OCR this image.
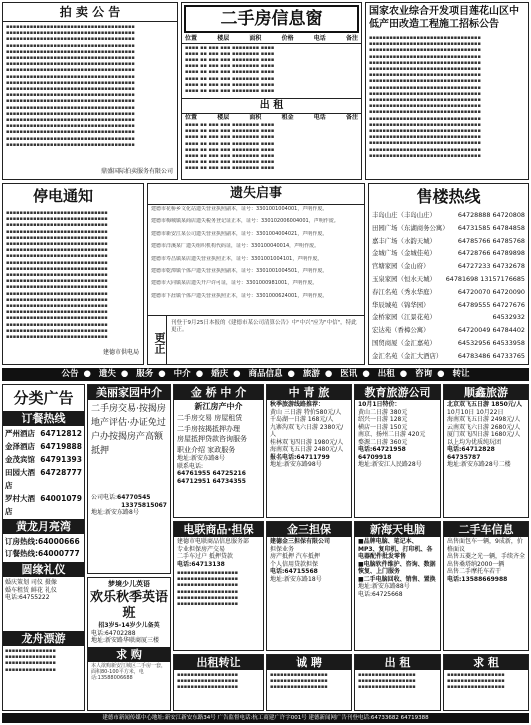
拍 卖 公 告
▪▪▪▪▪▪▪▪▪▪▪▪▪▪▪▪▪▪▪▪▪▪▪▪▪▪▪▪▪▪▪▪▪▪▪▪▪▪
▪▪▪▪▪▪▪▪▪▪▪▪▪▪▪▪▪▪▪▪▪▪▪▪▪▪▪▪▪▪▪▪▪▪▪▪▪▪
▪▪▪▪▪▪▪▪▪▪▪▪▪▪▪▪▪▪▪▪▪▪▪▪▪▪▪▪▪▪▪▪▪▪▪▪▪▪
▪▪▪▪▪▪▪▪▪▪▪▪▪▪▪▪▪▪▪▪▪▪▪▪▪▪▪▪▪▪▪▪▪▪▪▪▪▪
▪▪▪▪▪▪▪▪▪▪▪▪▪▪▪▪▪▪▪▪▪▪▪▪▪▪▪▪▪▪▪▪▪▪▪▪▪▪
▪▪▪▪▪▪▪▪▪▪▪▪▪▪▪▪▪▪▪▪▪▪▪▪▪▪▪▪▪▪▪▪▪▪▪▪▪▪
▪▪▪▪▪▪▪▪▪▪▪▪▪▪▪▪▪▪▪▪▪▪▪▪▪▪▪▪▪▪▪▪▪▪▪▪▪▪
▪▪▪▪▪▪▪▪▪▪▪▪▪▪▪▪▪▪▪▪▪▪▪▪▪▪▪▪▪▪▪▪▪▪▪▪▪▪
▪▪▪▪▪▪▪▪▪▪▪▪▪▪▪▪▪▪▪▪▪▪▪▪▪▪▪▪▪▪▪▪▪▪▪▪▪▪
▪▪▪▪▪▪▪▪▪▪▪▪▪▪▪▪▪▪▪▪▪▪▪▪▪▪▪▪▪▪▪▪▪▪▪▪▪▪
▪▪▪▪▪▪▪▪▪▪▪▪▪▪▪▪▪▪▪▪▪▪▪▪▪▪▪▪▪▪▪▪▪▪▪▪▪▪
▪▪▪▪▪▪▪▪▪▪▪▪▪▪▪▪▪▪▪▪▪▪▪▪▪▪▪▪▪▪▪▪▪▪▪▪▪▪
▪▪▪▪▪▪▪▪▪▪▪▪▪▪▪▪▪▪▪▪▪▪▪▪▪▪▪▪▪▪▪▪▪▪▪▪▪▪
▪▪▪▪▪▪▪▪▪▪▪▪▪▪▪▪▪▪▪▪▪▪▪▪▪▪▪▪▪▪▪▪▪▪▪▪▪▪
▪▪▪▪▪▪▪▪▪▪▪▪▪▪▪▪▪▪▪▪▪▪▪▪▪▪▪▪▪▪▪▪▪▪▪▪▪▪
▪▪▪▪▪▪▪▪▪▪▪▪▪▪▪▪▪▪▪▪▪▪▪▪▪▪▪▪▪▪▪▪▪▪▪▪▪▪
▪▪▪▪▪▪▪▪▪▪▪▪▪▪▪▪▪▪▪▪▪▪▪▪▪▪▪▪▪▪▪▪▪▪▪▪▪▪
▪▪▪▪▪▪▪▪▪▪▪▪▪▪▪▪▪▪▪▪▪▪▪▪▪▪▪▪▪▪▪▪▪▪▪▪▪▪
▪▪▪▪▪▪▪▪▪▪▪▪▪▪▪▪▪▪▪▪▪▪▪▪▪▪▪▪▪▪▪▪▪▪▪▪▪▪
▪▪▪▪▪▪▪▪▪▪▪▪▪▪▪▪▪▪▪▪▪▪▪▪▪▪▪▪▪▪▪▪▪▪▪▪▪▪
鼎盛国际拍卖服务有限公司
二手房信息窗
位置	楼层	面积	价格	电话	备注
▪▪▪▪ ▪▪ ▪▪▪ ▪▪▪ ▪▪▪▪▪▪▪▪ ▪▪▪▪
▪▪▪▪ ▪▪ ▪▪▪ ▪▪▪ ▪▪▪▪▪▪▪▪ ▪▪▪▪
▪▪▪▪ ▪▪ ▪▪▪ ▪▪▪ ▪▪▪▪▪▪▪▪ ▪▪▪▪
▪▪▪▪ ▪▪ ▪▪▪ ▪▪▪ ▪▪▪▪▪▪▪▪ ▪▪▪▪
▪▪▪▪ ▪▪ ▪▪▪ ▪▪▪ ▪▪▪▪▪▪▪▪ ▪▪▪▪
▪▪▪▪ ▪▪ ▪▪▪ ▪▪▪ ▪▪▪▪▪▪▪▪ ▪▪▪▪
▪▪▪▪ ▪▪ ▪▪▪ ▪▪▪ ▪▪▪▪▪▪▪▪ ▪▪▪▪
▪▪▪▪ ▪▪ ▪▪▪ ▪▪▪ ▪▪▪▪▪▪▪▪ ▪▪▪▪
出 租
位置	楼层	面积	租金	电话	备注
▪▪▪▪ ▪▪ ▪▪▪ ▪▪▪ ▪▪▪▪▪▪▪▪ ▪▪▪▪
▪▪▪▪ ▪▪ ▪▪▪ ▪▪▪ ▪▪▪▪▪▪▪▪ ▪▪▪▪
▪▪▪▪ ▪▪ ▪▪▪ ▪▪▪ ▪▪▪▪▪▪▪▪ ▪▪▪▪
▪▪▪▪ ▪▪ ▪▪▪ ▪▪▪ ▪▪▪▪▪▪▪▪ ▪▪▪▪
▪▪▪▪ ▪▪ ▪▪▪ ▪▪▪ ▪▪▪▪▪▪▪▪ ▪▪▪▪
▪▪▪▪ ▪▪ ▪▪▪ ▪▪▪ ▪▪▪▪▪▪▪▪ ▪▪▪▪
▪▪▪▪ ▪▪ ▪▪▪ ▪▪▪ ▪▪▪▪▪▪▪▪ ▪▪▪▪
▪▪▪▪ ▪▪ ▪▪▪ ▪▪▪ ▪▪▪▪▪▪▪▪ ▪▪▪▪
国家农业综合开发项目莲花山区中低产田改造工程施工招标公告
▪▪▪▪▪▪▪▪▪▪▪▪▪▪▪▪▪▪▪▪▪▪▪▪▪▪▪▪▪▪▪▪▪
▪▪▪▪▪▪▪▪▪▪▪▪▪▪▪▪▪▪▪▪▪▪▪▪▪▪▪▪▪▪▪▪▪
▪▪▪▪▪▪▪▪▪▪▪▪▪▪▪▪▪▪▪▪▪▪▪▪▪▪▪▪▪▪▪▪▪
▪▪▪▪▪▪▪▪▪▪▪▪▪▪▪▪▪▪▪▪▪▪▪▪▪▪▪▪▪▪▪▪▪
▪▪▪▪▪▪▪▪▪▪▪▪▪▪▪▪▪▪▪▪▪▪▪▪▪▪▪▪▪▪▪▪▪
▪▪▪▪▪▪▪▪▪▪▪▪▪▪▪▪▪▪▪▪▪▪▪▪▪▪▪▪▪▪▪▪▪
▪▪▪▪▪▪▪▪▪▪▪▪▪▪▪▪▪▪▪▪▪▪▪▪▪▪▪▪▪▪▪▪▪
▪▪▪▪▪▪▪▪▪▪▪▪▪▪▪▪▪▪▪▪▪▪▪▪▪▪▪▪▪▪▪▪▪
▪▪▪▪▪▪▪▪▪▪▪▪▪▪▪▪▪▪▪▪▪▪▪▪▪▪▪▪▪▪▪▪▪
▪▪▪▪▪▪▪▪▪▪▪▪▪▪▪▪▪▪▪▪▪▪▪▪▪▪▪▪▪▪▪▪▪
▪▪▪▪▪▪▪▪▪▪▪▪▪▪▪▪▪▪▪▪▪▪▪▪▪▪▪▪▪▪▪▪▪
▪▪▪▪▪▪▪▪▪▪▪▪▪▪▪▪▪▪▪▪▪▪▪▪▪▪▪▪▪▪▪▪▪
▪▪▪▪▪▪▪▪▪▪▪▪▪▪▪▪▪▪▪▪▪▪▪▪▪▪▪▪▪▪▪▪▪
▪▪▪▪▪▪▪▪▪▪▪▪▪▪▪▪▪▪▪▪▪▪▪▪▪▪▪▪▪▪▪▪▪
▪▪▪▪▪▪▪▪▪▪▪▪▪▪▪▪▪▪▪▪▪▪▪▪▪▪▪▪▪▪▪▪▪
▪▪▪▪▪▪▪▪▪▪▪▪▪▪▪▪▪▪▪▪▪▪▪▪▪▪▪▪▪▪▪▪▪
▪▪▪▪▪▪▪▪▪▪▪▪▪▪▪▪▪▪▪▪▪▪▪▪▪▪▪▪▪▪▪▪▪
▪▪▪▪▪▪▪▪▪▪▪▪▪▪▪▪▪▪▪▪▪▪▪▪▪▪▪▪▪▪▪▪▪
▪▪▪▪▪▪▪▪▪▪▪▪▪▪▪▪▪▪▪▪▪▪▪▪▪▪▪▪▪▪▪▪▪
▪▪▪▪▪▪▪▪▪▪▪▪▪▪▪▪▪▪▪▪▪▪▪▪▪▪▪▪▪▪▪▪▪
停电通知
▪▪▪▪▪▪▪▪▪▪▪▪▪▪▪▪▪▪▪▪▪▪▪▪▪▪▪▪▪▪
▪▪▪▪▪▪▪▪▪▪▪▪▪▪▪▪▪▪▪▪▪▪▪▪▪▪▪▪▪▪
▪▪▪▪▪▪▪▪▪▪▪▪▪▪▪▪▪▪▪▪▪▪▪▪▪▪▪▪▪▪
▪▪▪▪▪▪▪▪▪▪▪▪▪▪▪▪▪▪▪▪▪▪▪▪▪▪▪▪▪▪
▪▪▪▪▪▪▪▪▪▪▪▪▪▪▪▪▪▪▪▪▪▪▪▪▪▪▪▪▪▪
▪▪▪▪▪▪▪▪▪▪▪▪▪▪▪▪▪▪▪▪▪▪▪▪▪▪▪▪▪▪
▪▪▪▪▪▪▪▪▪▪▪▪▪▪▪▪▪▪▪▪▪▪▪▪▪▪▪▪▪▪
▪▪▪▪▪▪▪▪▪▪▪▪▪▪▪▪▪▪▪▪▪▪▪▪▪▪▪▪▪▪
▪▪▪▪▪▪▪▪▪▪▪▪▪▪▪▪▪▪▪▪▪▪▪▪▪▪▪▪▪▪
▪▪▪▪▪▪▪▪▪▪▪▪▪▪▪▪▪▪▪▪▪▪▪▪▪▪▪▪▪▪
▪▪▪▪▪▪▪▪▪▪▪▪▪▪▪▪▪▪▪▪▪▪▪▪▪▪▪▪▪▪
▪▪▪▪▪▪▪▪▪▪▪▪▪▪▪▪▪▪▪▪▪▪▪▪▪▪▪▪▪▪
▪▪▪▪▪▪▪▪▪▪▪▪▪▪▪▪▪▪▪▪▪▪▪▪▪▪▪▪▪▪
▪▪▪▪▪▪▪▪▪▪▪▪▪▪▪▪▪▪▪▪▪▪▪▪▪▪▪▪▪▪
▪▪▪▪▪▪▪▪▪▪▪▪▪▪▪▪▪▪▪▪▪▪▪▪▪▪▪▪▪▪
▪▪▪▪▪▪▪▪▪▪▪▪▪▪▪▪▪▪▪▪▪▪▪▪▪▪▪▪▪▪
▪▪▪▪▪▪▪▪▪▪▪▪▪▪▪▪▪▪▪▪▪▪▪▪▪▪▪▪▪▪
▪▪▪▪▪▪▪▪▪▪▪▪▪▪▪▪▪▪▪▪▪▪▪▪▪▪▪▪▪▪
▪▪▪▪▪▪▪▪▪▪▪▪▪▪▪▪▪▪▪▪▪▪▪▪▪▪▪▪▪▪
▪▪▪▪▪▪▪▪▪▪▪▪▪▪▪▪▪▪▪▪▪▪▪▪▪▪▪▪▪▪
▪▪▪▪▪▪▪▪▪▪▪▪▪▪▪▪▪▪▪▪▪▪▪▪▪▪▪▪▪▪
建德市供电局
遗失启事
建德市花桥乡文化站遗失营业执照副本，证号：3301001004001，声明作废。
建德市梅城镇某商店遗失税务登记证正本，证号：330102006004001，声明作废。
建德市新安江某公司遗失营业执照副本，证号：3301004004021，声明作废。
建德市洋溪某厂遗失组织机构代码证，证号：330100040014，声明作废。
建德市寿昌镇某店遗失营业执照正本，证号：3301001004101，声明作废。
建德市乾潭镇个体户遗失营业执照副本，证号：3301001004501，声明作废。
建德市大同镇某店遗失开户许可证，证号：3301000981001，声明作废。
建德市下涯镇个体户遗失营业执照正本，证号：3301000624001，声明作废。
更正
刊登于9月25日本报的《建德市某公司清算公告》中"中兴"应为"中信"，特此更正。
售楼热线
丰岛山庄（丰岛山庄）	64728888 64720808
田园广场（东湖商务公寓）	64731585 64784858
嘉丰广场（水韵天城）	64785766 64785768
金城广场（金城佳苑）	64728766 64789898
官塘家园（金山府）	64727233 64732678
玉泉家园（恒水天城）	64781698 13157176685
春江名苑（秀水华庭）	64720070 64720090
华辰城苑（锦华园）	64789555 64727676
金桥家园（江景花苑）	64532932
宏达苑（香樟公寓）	64720049 64784402
国贸商厦（金汇嘉苑）	64532956 64533958
金汇名苑（金汇大酒店）	64783486 64733765
公告 ● 遗失 ● 服务 ● 中介 ● 婚庆 ● 商品信息 ● 旅游 ● 医讯 ● 出租 ● 咨询 ● 转让
分类广告
订餐热线
严州酒店 64712812
金泽酒店 64719888
金茂宾馆 64791393
田园大酒店
64728777
罗村大酒店
64001079
黄龙月亮湾
订房热线:64000666
订餐热线:64000777
圆缘礼仪
婚庆策划 司仪 摄像
婚车租赁 鲜花 礼仪
电话:64755222
龙舟漂游
▪▪▪▪▪▪▪▪▪▪▪▪▪▪▪
▪▪▪▪▪▪▪▪▪▪▪▪▪▪▪
▪▪▪▪▪▪▪▪▪▪▪▪▪▪▪
▪▪▪▪▪▪▪▪▪▪▪▪▪▪▪
美丽家园中介
二手房交易·按揭房地产评估·办证免过户办按揭房产高额抵押
公司电话:64770545
13375815067
地址:新安东路8号
梦境少儿英语
欢乐秋季英语班
招3岁5-14岁少儿备英
电话:64702288
地址:新安路华联商厦三楼
求 购
本人欲购新安江城区二手房一套，面积80-100平方米，电话:13588006688
金 桥 中 介
新江房产中介
二手房交易 房屋租赁
二手房按揭抵押办理
房屋抵押贷款咨询服务
职业介绍 家政服务
地址:新安东路8号
联系电话:
64761955 64725216
64712951 64734355
电联商品·担保
建德市电联商品信息服务部
专业担保房产交易
二手车过户 抵押贷款
电话:64713138
▪▪▪▪▪▪▪▪▪▪▪▪▪▪▪▪▪▪
▪▪▪▪▪▪▪▪▪▪▪▪▪▪▪▪▪▪
▪▪▪▪▪▪▪▪▪▪▪▪▪▪▪▪▪▪
▪▪▪▪▪▪▪▪▪▪▪▪▪▪▪▪▪▪
▪▪▪▪▪▪▪▪▪▪▪▪▪▪▪▪▪▪
▪▪▪▪▪▪▪▪▪▪▪▪▪▪▪▪▪▪
出租转让
▪▪▪▪▪▪▪▪▪▪▪▪▪▪▪▪▪▪
▪▪▪▪▪▪▪▪▪▪▪▪▪▪▪▪▪▪
▪▪▪▪▪▪▪▪▪▪▪▪▪▪▪▪▪▪
中 青 旅
秋季旅游线路推荐：
黄山 三日游 特价580元/人
千岛湖一日游 168元/人
九寨沟双飞六日游 2380元/人
桂林双飞四日游 1980元/人
海南双飞五日游 2480元/人
报名电话:64711799
地址:新安东路98号
金三担保
建德金三担保有限公司
担保业务
房产抵押 汽车抵押
个人信用贷款担保
电话:64715568
地址:新安东路18号
诚 聘
▪▪▪▪▪▪▪▪▪▪▪▪▪▪▪▪▪
▪▪▪▪▪▪▪▪▪▪▪▪▪▪▪▪▪
▪▪▪▪▪▪▪▪▪▪▪▪▪▪▪▪▪
教育旅游公司
10月1日特价：
黄山二日游 380元
绍兴一日游 128元
横店一日游 150元
南京、扬州二日游 420元
婺源二日游 360元
电话:64721958 64709918
地址:新安江人民路28号
新海天电脑
■品牌电脑、笔记本、MP3、复印机、打印机、各电器配件批发零售
■电脑软件维护、咨询、数据恢复、上门服务
■二手电脑回收、销售、置换
地址:新安东路88号
电话:64725668
出 租
▪▪▪▪▪▪▪▪▪▪▪▪▪▪▪▪▪
▪▪▪▪▪▪▪▪▪▪▪▪▪▪▪▪▪
▪▪▪▪▪▪▪▪▪▪▪▪▪▪▪▪▪
顺鑫旅游
北京双飞五日游 1850元/人
10月10日 10月22日
海南双飞五日游 2498元/人
云南双飞六日游 2680元/人
厦门双飞四日游 1680元/人
以上均为优质纯玩团
电话:64712828 64735787
地址:新安东路28号二楼
二手车信息
出售面包车一辆，9成新，价格面议
出售五菱之光一辆，手续齐全
出售桑塔纳2000一辆
出售二手摩托车若干
电话:13588669988
求 租
▪▪▪▪▪▪▪▪▪▪▪▪▪▪▪▪▪
▪▪▪▪▪▪▪▪▪▪▪▪▪▪▪▪▪
▪▪▪▪▪▪▪▪▪▪▪▪▪▪▪▪▪
建德市新闻传媒中心地址:新安江新安东路34号 广告监督电话:杭工商建广许字001号 建德新闻网广告刊登电话:64733682 64719388
